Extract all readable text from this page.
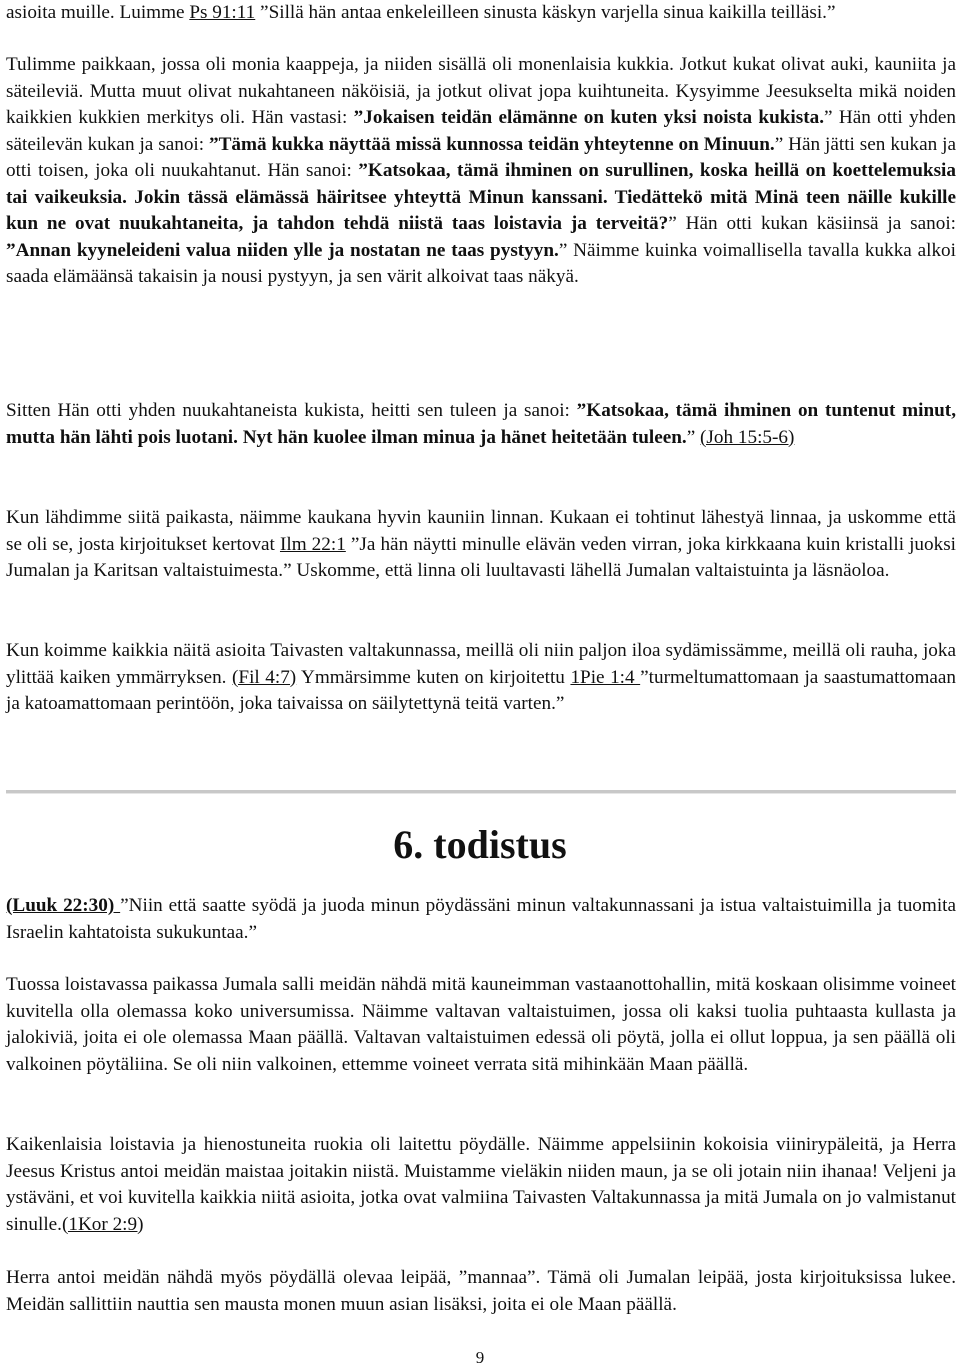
asioita muille. Luimme Ps 91:11 ”Sillä hän antaa enkeleilleen sinusta käskyn varjella sinua kaikilla teilläsi.”

Tulimme paikkaan, jossa oli monia kaappeja, ja niiden sisällä oli monenlaisia kukkia. Jotkut kukat olivat auki, kauniita ja säteileviä. Mutta muut olivat nukahtaneen näköisiä, ja jotkut olivat jopa kuihtuneita. Kysyimme Jeesukselta mikä noiden kaikkien kukkien merkitys oli. Hän vastasi: ”Jokaisen teidän elämänne on kuten yksi noista kukista.” Hän otti yhden säteilevän kukan ja sanoi: ”Tämä kukka näyttää missä kunnossa teidän yhteytenne on Minuun.” Hän jätti sen kukan ja otti toisen, joka oli nuukahtanut. Hän sanoi: ”Katsokaa, tämä ihminen on surullinen, koska heillä on koettelemuksia tai vaikeuksia. Jokin tässä elämässä häiritsee yhteyttä Minun kanssani. Tiedättekö mitä Minä teen näille kukille kun ne ovat nuukahtaneita, ja tahdon tehdä niistä taas loistavia ja terveitä?” Hän otti kukan käsiinsä ja sanoi: ”Annan kyyneleideni valua niiden ylle ja nostatan ne taas pystyyn.” Näimme kuinka voimallisella tavalla kukka alkoi saada elämäänsä takaisin ja nousi pystyyn, ja sen värit alkoivat taas näkyä.

Sitten Hän otti yhden nuukahtaneista kukista, heitti sen tuleen ja sanoi: ”Katsokaa, tämä ihminen on tuntenut minut, mutta hän lähti pois luotani. Nyt hän kuolee ilman minua ja hänet heitetään tuleen.” (Joh 15:5-6)

Kun lähdimme siitä paikasta, näimme kaukana hyvin kauniin linnan. Kukaan ei tohtinut lähestyä linnaa, ja uskomme että se oli se, josta kirjoitukset kertovat Ilm 22:1 ”Ja hän näytti minulle elävän veden virran, joka kirkkaana kuin kristalli juoksi Jumalan ja Karitsan valtaistuimesta.” Uskomme, että linna oli luultavasti lähellä Jumalan valtaistuinta ja läsnäoloa.

Kun koimme kaikkia näitä asioita Taivasten valtakunnassa, meillä oli niin paljon iloa sydämissämme, meillä oli rauha, joka ylittää kaiken ymmärryksen. (Fil 4:7) Ymmärsimme kuten on kirjoitettu 1Pie 1:4 ”turmeltumattomaan ja saastumattomaan ja katoamattomaan perintöön, joka taivaissa on säilytettynä teitä varten.”

6. todistus

(Luuk 22:30) ”Niin että saatte syödä ja juoda minun pöydässäni minun valtakunnassani ja istua valtaistuimilla ja tuomita Israelin kahtatoista sukukuntaa.”

Tuossa loistavassa paikassa Jumala salli meidän nähdä mitä kauneimman vastaanottohallin, mitä koskaan olisimme voineet kuvitella olla olemassa koko universumissa. Näimme valtavan valtaistuimen, jossa oli kaksi tuolia puhtaasta kullasta ja jalokiviä, joita ei ole olemassa Maan päällä. Valtavan valtaistuimen edessä oli pöytä, jolla ei ollut loppua, ja sen päällä oli valkoinen pöytäliina. Se oli niin valkoinen, ettemme voineet verrata sitä mihinkään Maan päällä.

Kaikenlaisia loistavia ja hienostuneita ruokia oli laitettu pöydälle. Näimme appelsiinin kokoisia viinirypäleitä, ja Herra Jeesus Kristus antoi meidän maistaa joitakin niistä. Muistamme vieläkin niiden maun, ja se oli jotain niin ihanaa! Veljeni ja ystäväni, et voi kuvitella kaikkia niitä asioita, jotka ovat valmiina Taivasten Valtakunnassa ja mitä Jumala on jo valmistanut sinulle.(1Kor 2:9)

Herra antoi meidän nähdä myös pöydällä olevaa leipää, ”mannaa”. Tämä oli Jumalan leipää, josta kirjoituksissa lukee. Meidän sallittiin nauttia sen mausta monen muun asian lisäksi, joita ei ole Maan päällä.

9
